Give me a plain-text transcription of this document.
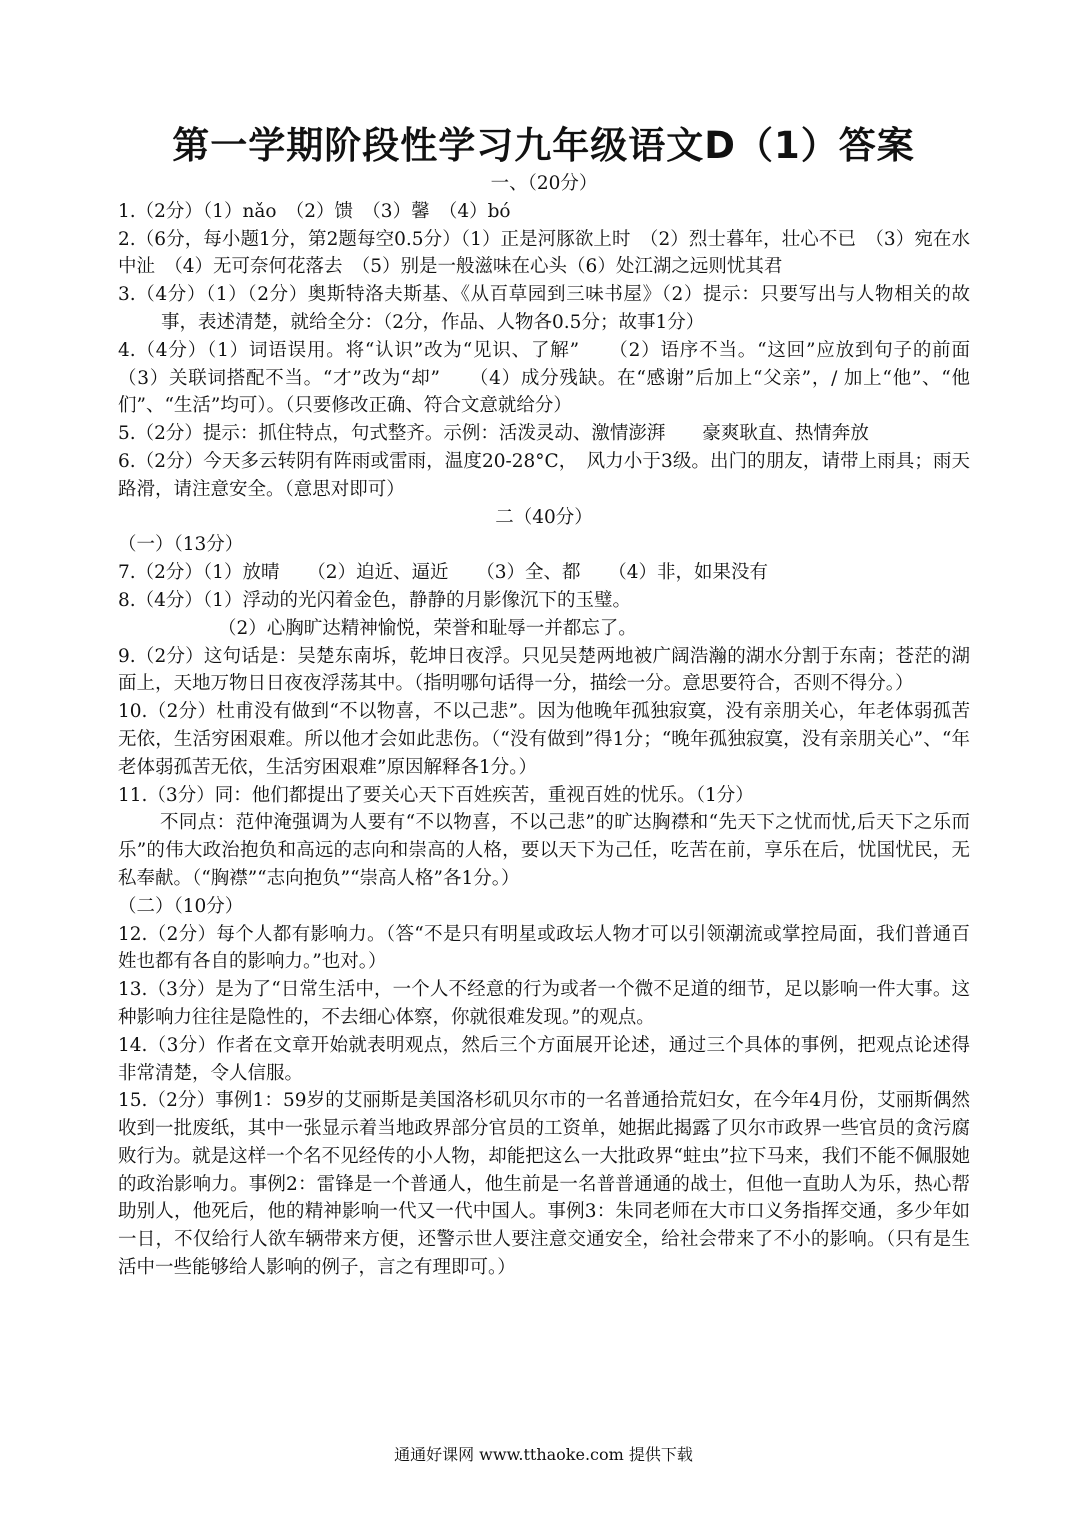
第一学期阶段性学习九年级语文D（1）答案

一、（20分）

1.（2分）（1）nǎo　（2）馈　（3）馨　（4）bó

2.（6分，每小题1分，第2题每空0.5分）（1）正是河豚欲上时　（2）烈士暮年，壮心不已　（3）宛在水中沚　（4）无可奈何花落去　（5）别是一般滋味在心头（6）处江湖之远则忧其君

3.（4分）（1）（2分）奥斯特洛夫斯基、《从百草园到三味书屋》（2）提示：只要写出与人物相关的故事，表述清楚，就给全分：（2分，作品、人物各0.5分；故事1分）

4.（4分）（1）词语误用。将“认识”改为“见识、了解”　　（2）语序不当。“这回”应放到句子的前面　（3）关联词搭配不当。“才”改为“却”　　（4）成分残缺。在“感谢”后加上“父亲”，/ 加上“他”、“他们”、“生活”均可）。（只要修改正确、符合文意就给分）

5.（2分）提示：抓住特点，句式整齐。示例：活泼灵动、激情澎湃　　豪爽耿直、热情奔放

6.（2分）今天多云转阴有阵雨或雷雨，温度20-28°C，　风力小于3级。出门的朋友，请带上雨具；雨天路滑，请注意安全。（意思对即可）

二（40分）

（一）（13分）

7.（2分）（1）放晴　　（2）迫近、逼近　　（3）全、都　　（4）非，如果没有

8.（4分）（1）浮动的光闪着金色，静静的月影像沉下的玉璧。

（2）心胸旷达精神愉悦，荣誉和耻辱一并都忘了。

9.（2分）这句话是：吴楚东南坼，乾坤日夜浮。只见吴楚两地被广阔浩瀚的湖水分割于东南；苍茫的湖面上，天地万物日日夜夜浮荡其中。（指明哪句话得一分，描绘一分。意思要符合，否则不得分。）

10.（2分）杜甫没有做到“不以物喜，不以己悲”。因为他晚年孤独寂寞，没有亲朋关心，年老体弱孤苦无依，生活穷困艰难。所以他才会如此悲伤。（“没有做到”得1分；“晚年孤独寂寞，没有亲朋关心”、“年老体弱孤苦无依，生活穷困艰难”原因解释各1分。）

11.（3分）同：他们都提出了要关心天下百姓疾苦，重视百姓的忧乐。（1分）

不同点：范仲淹强调为人要有“不以物喜，不以己悲”的旷达胸襟和“先天下之忧而忧,后天下之乐而乐”的伟大政治抱负和高远的志向和崇高的人格，要以天下为己任，吃苦在前，享乐在后，忧国忧民，无私奉献。（“胸襟”“志向抱负”“崇高人格”各1分。）

（二）（10分）

12.（2分）每个人都有影响力。（答“不是只有明星或政坛人物才可以引领潮流或掌控局面，我们普通百姓也都有各自的影响力。”也对。）

13.（3分）是为了“日常生活中，一个人不经意的行为或者一个微不足道的细节，足以影响一件大事。这种影响力往往是隐性的，不去细心体察，你就很难发现。”的观点。

14.（3分）作者在文章开始就表明观点，然后三个方面展开论述，通过三个具体的事例，把观点论述得非常清楚，令人信服。

15.（2分）事例1：59岁的艾丽斯是美国洛杉矶贝尔市的一名普通拾荒妇女，在今年4月份，艾丽斯偶然收到一批废纸，其中一张显示着当地政界部分官员的工资单，她据此揭露了贝尔市政界一些官员的贪污腐败行为。就是这样一个名不见经传的小人物，却能把这么一大批政界“蛀虫”拉下马来，我们不能不佩服她的政治影响力。事例2：雷锋是一个普通人，他生前是一名普普通通的战士，但他一直助人为乐，热心帮助别人，他死后，他的精神影响一代又一代中国人。事例3：朱同老师在大市口义务指挥交通，多少年如一日，不仅给行人欲车辆带来方便，还警示世人要注意交通安全，给社会带来了不小的影响。（只有是生活中一些能够给人影响的例子，言之有理即可。）

通通好课网 www.tthaoke.com 提供下载
